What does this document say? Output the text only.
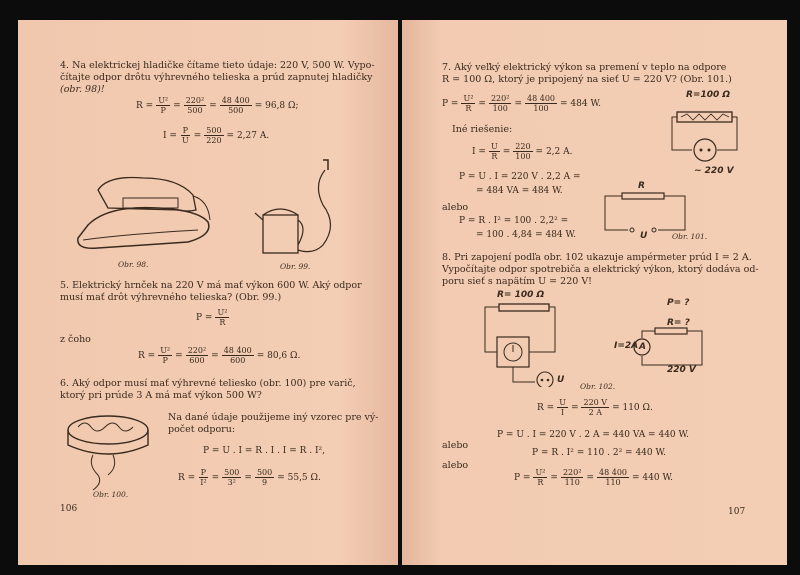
4. Na elektrickej hladičke čítame tieto údaje: 220 V, 500 W. Vypo-
čítajte odpor drôtu výhrevného telieska a prúd zapnutej hladičky
(obr. 98)!
$R = \frac{\text{U²}}{P} = 220^2$
$500 = \frac{48 400}{500} = 96,8$ Ω;
$I = \frac{P}{U} = \frac{500}{220} = 2,27$ A.
Obr. 98.	Obr. 99.
5. Elektrický hrnček na 220 V má mať výkon 600 W. Aký odpor
musí mať drôt výhrevného telieska? (Obr. 99.)
$P = \frac{\text{U²}}{R}$
z čoho
$R = \frac{\text{U²}}{P} = 220^2$
$600 = \frac{48 400}{600} = 80,6$ Ω.
6. Aký odpor musí mať výhrevné teliesko (obr. 100) pre varič,
ktorý pri prúde 3 A má mať výkon 500 W?
Na dané údaje použijeme iný vzorec pre vý-
počet odporu:
P = U . I = R . I . I = R . I²,
$R = \frac{P}{\text{I²}} = 500$
$3^2 = \frac{500}{9} = 55,5$ Ω.
Obr. 100.
106
7. Aký veľký elektrický výkon sa premení v teplo na odpore
R = 100 Ω, ktorý je pripojený na sieť U = 220 V? (Obr. 101.)
$P = \frac{\text{U²}}{R} = 220^2$
$100 = \frac{48 400}{100} = 484$ W.
Iné riešenie:
$I = \frac{U}{R} = \frac{220}{100} = 2,2$ A.
P = U . I = 220 V . 2,2 A =
= 484 VA = 484 W.
alebo
P = R . I² = 100 . 2,2² =
= 100 . 4,84 = 484 W.
R=100 Ω
~ 220 V
R
U	Obr. 101.
8. Pri zapojení podľa obr. 102 ukazuje ampérmeter prúd I = 2 A.
Vypočítajte odpor spotrebiča a elektrický výkon, ktorý dodáva od-
poru sieť s napätím U = 220 V!
R= 100 Ω
U
P= ?
R= ?
I=2A A
220 V
Obr. 102.
$R = \frac{U}{I} = \frac{220 V}{2 A} = 110$ Ω.
P = U . I = 220 V . 2 A = 440 VA = 440 W.
alebo
P = R . I² = 110 . 2² = 440 W.
alebo
$P = \frac{\text{U²}}{R} = 220^2$
$110 = \frac{48 400}{110} = 440$ W.
107
